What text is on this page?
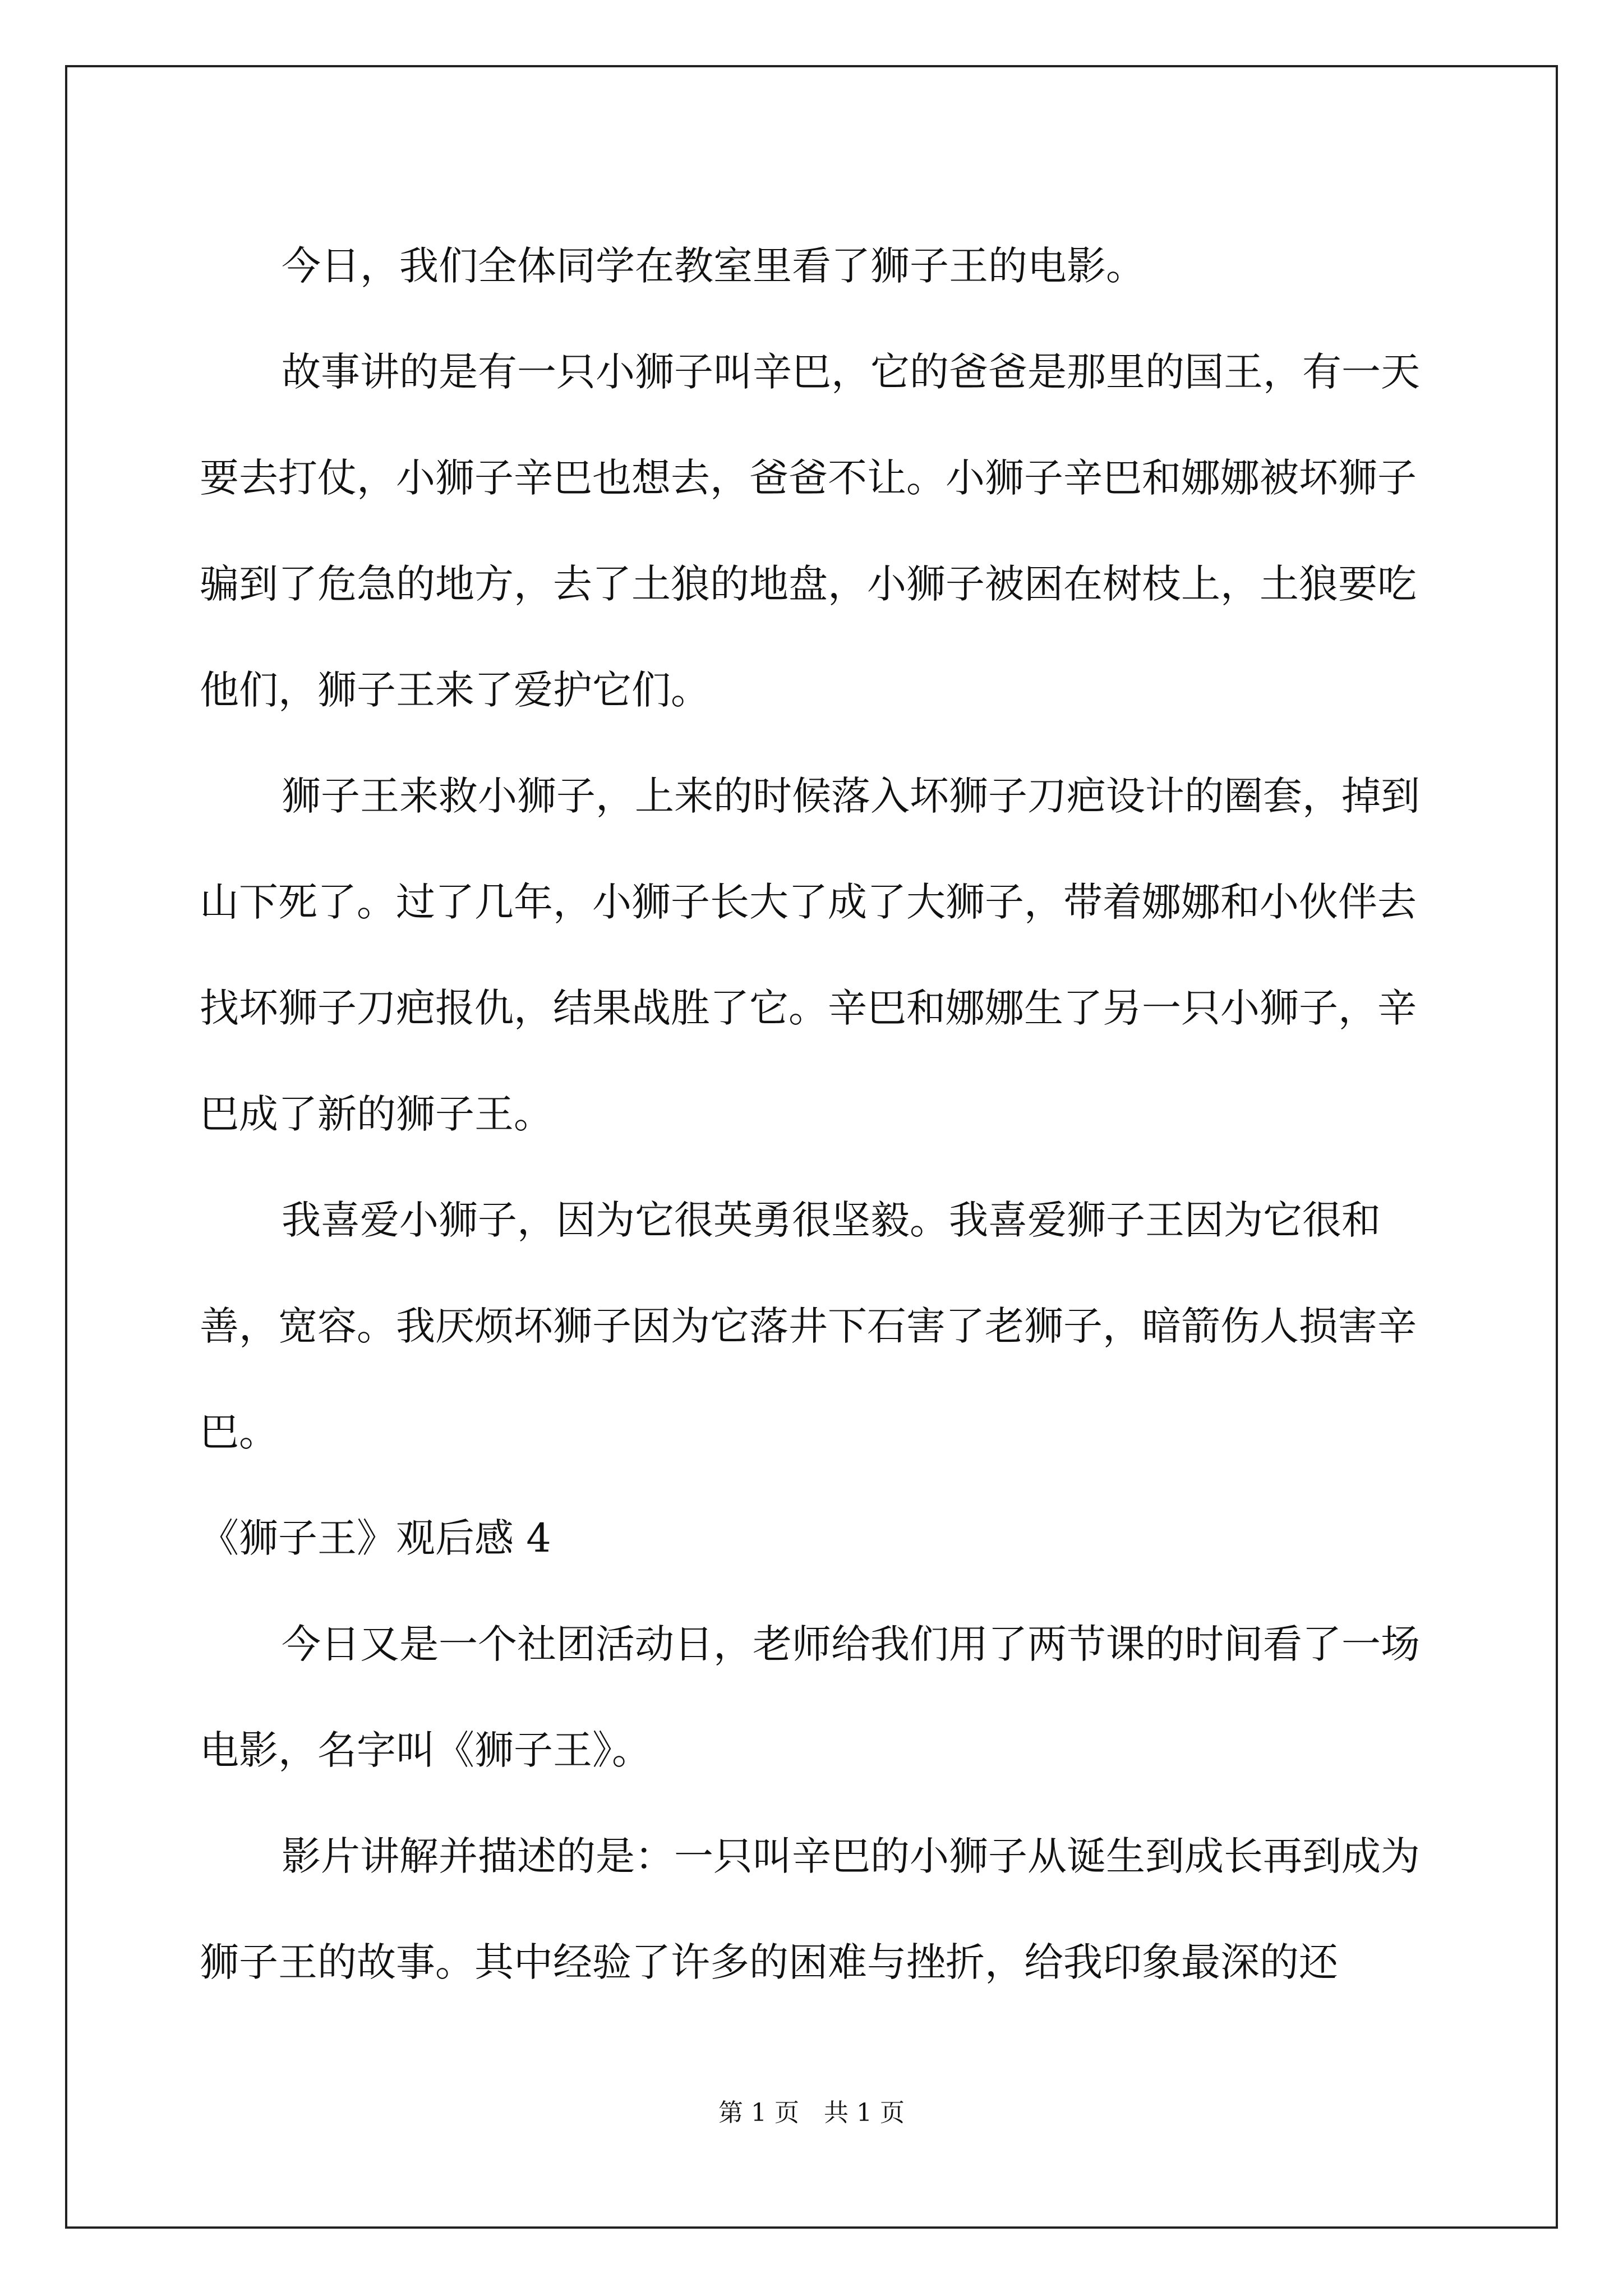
今日，我们全体同学在教室里看了狮子王的电影。

故事讲的是有一只小狮子叫辛巴，它的爸爸是那里的国王，有一天要去打仗，小狮子辛巴也想去，爸爸不让。小狮子辛巴和娜娜被坏狮子骗到了危急的地方，去了土狼的地盘，小狮子被困在树枝上，土狼要吃他们，狮子王来了爱护它们。

狮子王来救小狮子，上来的时候落入坏狮子刀疤设计的圈套，掉到山下死了。过了几年，小狮子长大了成了大狮子，带着娜娜和小伙伴去找坏狮子刀疤报仇，结果战胜了它。辛巴和娜娜生了另一只小狮子，辛巴成了新的狮子王。

我喜爱小狮子，因为它很英勇很坚毅。我喜爱狮子王因为它很和善，宽容。我厌烦坏狮子因为它落井下石害了老狮子，暗箭伤人损害辛巴。

《狮子王》观后感 4

今日又是一个社团活动日，老师给我们用了两节课的时间看了一场电影，名字叫《狮子王》。

影片讲解并描述的是：一只叫辛巴的小狮子从诞生到成长再到成为狮子王的故事。其中经验了许多的困难与挫折，给我印象最深的还

第 1 页　共 1 页
